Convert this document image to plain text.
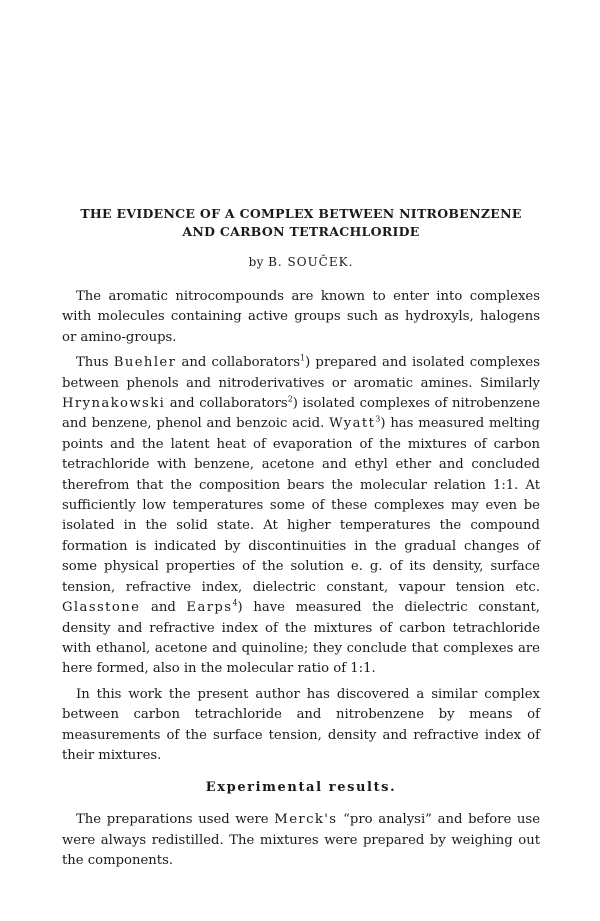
THE EVIDENCE OF A COMPLEX BETWEEN NITROBENZENE
AND CARBON TETRACHLORIDE

by B. SOUČEK.

The aromatic nitrocompounds are known to enter into complexes with molecules containing active groups such as hydroxyls, halogens or amino-groups.

Thus Buehler and collaborators$^1$) prepared and isolated complexes between phenols and nitroderivatives or aromatic amines. Similarly Hrynakowski and collaborators$^2$) isolated complexes of nitrobenzene and benzene, phenol and benzoic acid. Wyatt$^3$) has measured melting points and the latent heat of evaporation of the mixtures of carbon tetrachloride with benzene, acetone and ethyl ether and concluded therefrom that the composition bears the molecular relation 1:1. At sufficiently low temperatures some of these complexes may even be isolated in the solid state. At higher temperatures the compound formation is indicated by discontinuities in the gradual changes of some physical properties of the solution e. g. of its density, surface tension, refractive index, dielectric constant, vapour tension etc. Glasstone and Earps$^4$) have measured the dielectric constant, density and refractive index of the mixtures of carbon tetrachloride with ethanol, acetone and quinoline; they conclude that complexes are here formed, also in the molecular ratio of 1:1.

In this work the present author has discovered a similar complex between carbon tetrachloride and nitrobenzene by means of measurements of the surface tension, density and refractive index of their mixtures.

Experimental results.

The preparations used were Merck's “pro analysi” and before use were always redistilled. The mixtures were prepared by weighing out the components.
